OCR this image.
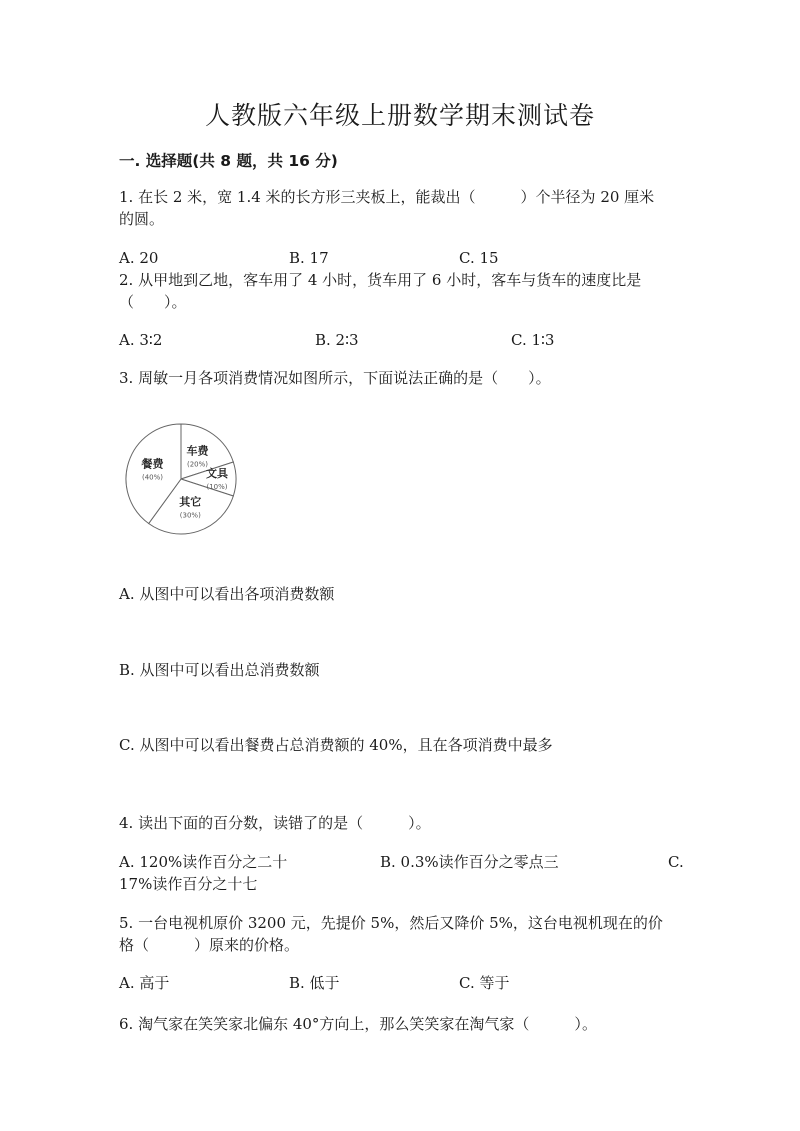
人教版六年级上册数学期末测试卷
一. 选择题(共 8 题，共 16 分)
1. 在长 2 米，宽 1.4 米的长方形三夹板上，能裁出（　　　）个半径为 20 厘米
的圆。
A. 20	B. 17	C. 15
2. 从甲地到乙地，客车用了 4 小时，货车用了 6 小时，客车与货车的速度比是
（　　）。
A. 3∶2	B. 2∶3	C. 1∶3
3. 周敏一月各项消费情况如图所示，下面说法正确的是（　　）。
车费
(20%)
文具
(10%)
其它
(30%)
餐费
(40%)
A. 从图中可以看出各项消费数额
B. 从图中可以看出总消费数额
C. 从图中可以看出餐费占总消费额的 40%，且在各项消费中最多
4. 读出下面的百分数，读错了的是（　　　）。
A. 120%读作百分之二十	B. 0.3%读作百分之零点三	C.
17%读作百分之十七
5. 一台电视机原价 3200 元，先提价 5%，然后又降价 5%，这台电视机现在的价
格（　　　）原来的价格。
A. 高于	B. 低于	C. 等于
6. 淘气家在笑笑家北偏东 40°方向上，那么笑笑家在淘气家（　　　）。
